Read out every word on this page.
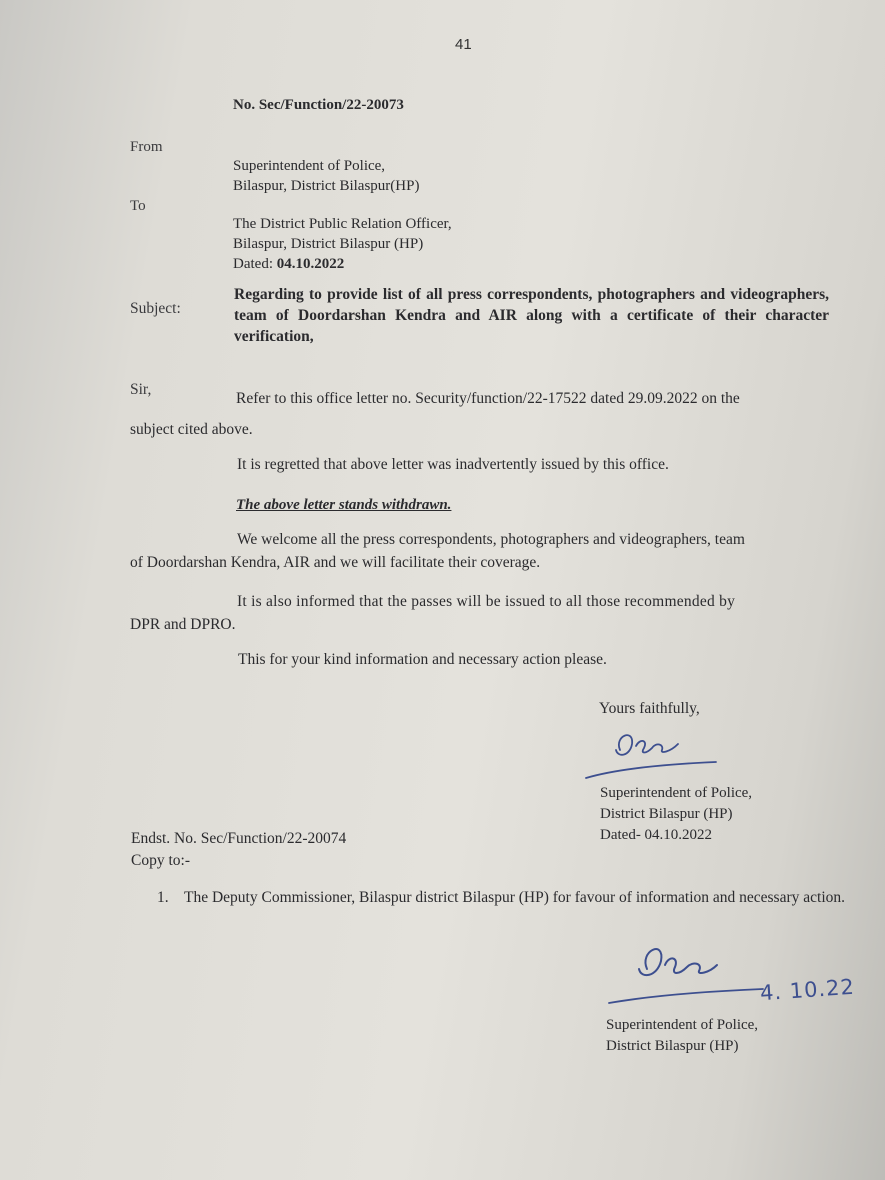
41
No. Sec/Function/22-20073
From
Superintendent of Police,
Bilaspur, District Bilaspur(HP)
To
The District Public Relation Officer,
Bilaspur, District Bilaspur (HP)
Dated: 04.10.2022
Subject:
Regarding to provide list of all press correspondents, photographers and videographers, team of Doordarshan Kendra and AIR along with a certificate of their character verification,
Sir,
Refer to this office letter no. Security/function/22-17522 dated 29.09.2022 on the
subject cited above.
It is regretted that above letter was inadvertently issued by this office.
The above letter stands withdrawn.
We welcome all the press correspondents, photographers and videographers, team
of Doordarshan Kendra, AIR and we will facilitate their coverage.
It is also informed that the passes will be issued to all those recommended by
DPR and DPRO.
This for your kind information and necessary action please.
Yours faithfully,
Superintendent of Police,
District Bilaspur (HP)
Dated- 04.10.2022
Endst. No. Sec/Function/22-20074
Copy to:-
1. The Deputy Commissioner, Bilaspur district Bilaspur (HP) for favour of information and necessary action.
4. 10.22
Superintendent of Police,
District Bilaspur (HP)
